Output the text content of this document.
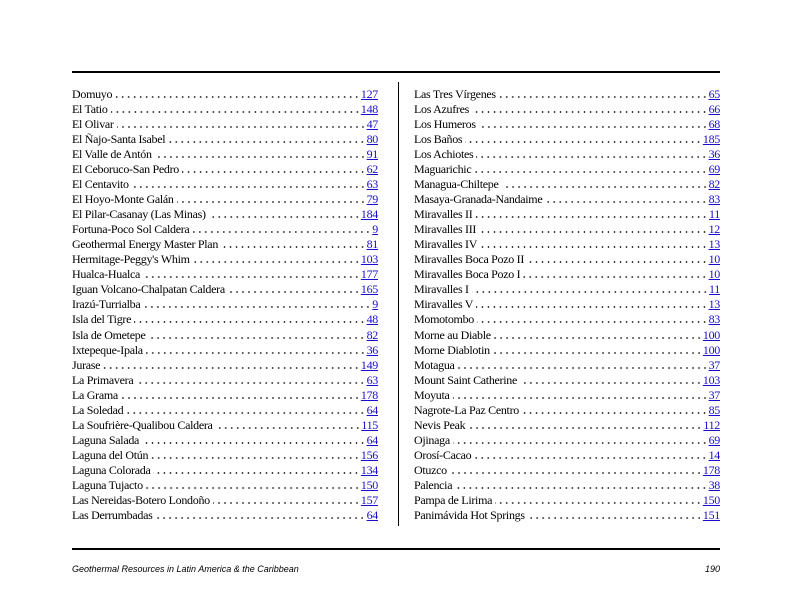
Domuyo	127
El Tatio	148
El Olivar	47
El Ñajo-Santa Isabel	80
El Valle de Antón	91
El Ceboruco-San Pedro	62
El Centavito	63
El Hoyo-Monte Galán	79
El Pilar-Casanay (Las Minas)	184
Fortuna-Poco Sol Caldera	9
Geothermal Energy Master Plan	81
Hermitage-Peggy's Whim	103
Hualca-Hualca	177
Iguan Volcano-Chalpatan Caldera	165
Irazú-Turrialba	9
Isla del Tigre	48
Isla de Ometepe	82
Ixtepeque-Ipala	36
Jurase	149
La Primavera	63
La Grama	178
La Soledad	64
La Soufrière-Qualibou Caldera	115
Laguna Salada	64
Laguna del Otún	156
Laguna Colorada	134
Laguna Tujacto	150
Las Nereidas-Botero Londoño	157
Las Derrumbadas	64
Las Tres Vírgenes	65
Los Azufres	66
Los Humeros	68
Los Baños	185
Los Achiotes	36
Maguarichic	69
Managua-Chiltepe	82
Masaya-Granada-Nandaime	83
Miravalles II	11
Miravalles III	12
Miravalles IV	13
Miravalles Boca Pozo II	10
Miravalles Boca Pozo I	10
Miravalles I	11
Miravalles V	13
Momotombo	83
Morne au Diable	100
Morne Diablotin	100
Motagua	37
Mount Saint Catherine	103
Moyuta	37
Nagrote-La Paz Centro	85
Nevis Peak	112
Ojinaga	69
Orosí-Cacao	14
Otuzco	178
Palencia	38
Pampa de Lirima	150
Panimávida Hot Springs	151
Geothermal Resources in Latin America & the Caribbean	190
